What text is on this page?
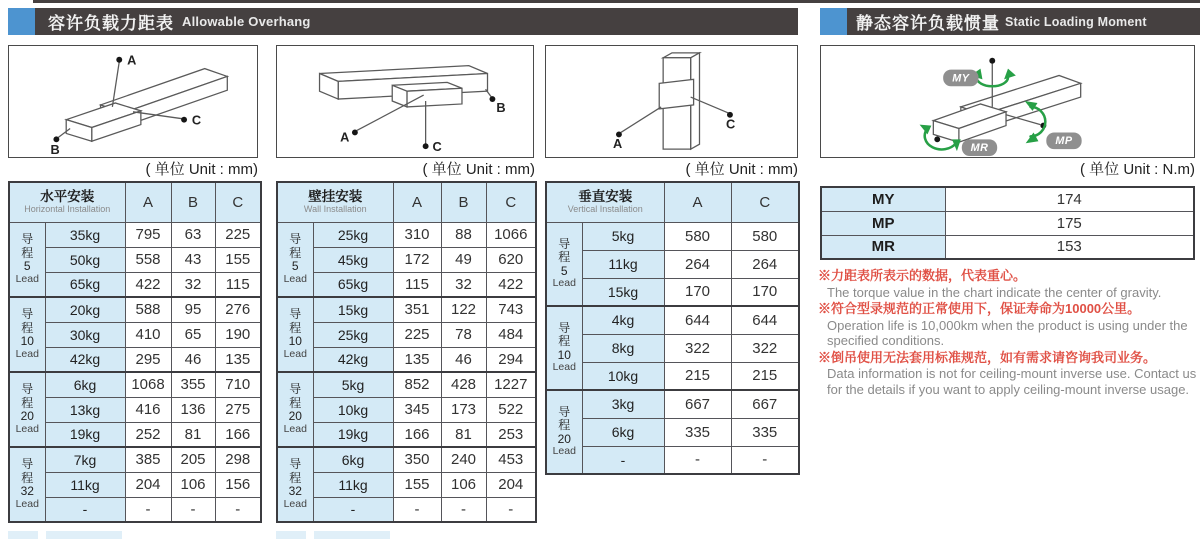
容许负载力距表 Allowable Overhang	静态容许负载惯量 Static Loading Moment
A
B
C
A
B
C	A
C
MY
MP
MR
( 单位 Unit : mm)	( 单位 Unit : mm)	( 单位 Unit : mm)	( 单位 Unit : N.m)
水平安装
Horizontal Installation		A	B	C

导
程
5
Lead	35kg	795	63	225
	50kg	558	43	155
	65kg	422	32	115

导
程
10
Lead	20kg	588	95	276
	30kg	410	65	190
	42kg	295	46	135

导
程
20
Lead	6kg	1068	355	710
	13kg	416	136	275
	19kg	252	81	166

导
程
32
Lead	7kg	385	205	298
	11kg	204	106	156
	-	-	-	-
壁挂安装
Wall Installation		A	B	C

导
程
5
Lead	25kg	310	88	1066
	45kg	172	49	620
	65kg	115	32	422

导
程
10
Lead	15kg	351	122	743
	25kg	225	78	484
	42kg	135	46	294

导
程
20
Lead	5kg	852	428	1227
	10kg	345	173	522
	19kg	166	81	253

导
程
32
Lead	6kg	350	240	453
	11kg	155	106	204
	-	-	-	-
垂直安装
Vertical Installation		A	C

导
程
5
Lead	5kg	580	580
	11kg	264	264
	15kg	170	170

导
程
10
Lead	4kg	644	644
	8kg	322	322
	10kg	215	215

导
程
20
Lead	3kg	667	667
	6kg	335	335
	-	-	-
MY	174
MP	175
MR	153
※力距表所表示的数据，代表重心。
The torque value in the chart indicate the center of gravity.
※符合型录规范的正常使用下，保证寿命为10000公里。
Operation life is 10,000km when the product is using under the specified conditions.
※倒吊使用无法套用标准规范，如有需求请咨询我司业务。
Data information is not for ceiling-mount inverse use. Contact us for the details if you want to apply ceiling-mount inverse usage.
